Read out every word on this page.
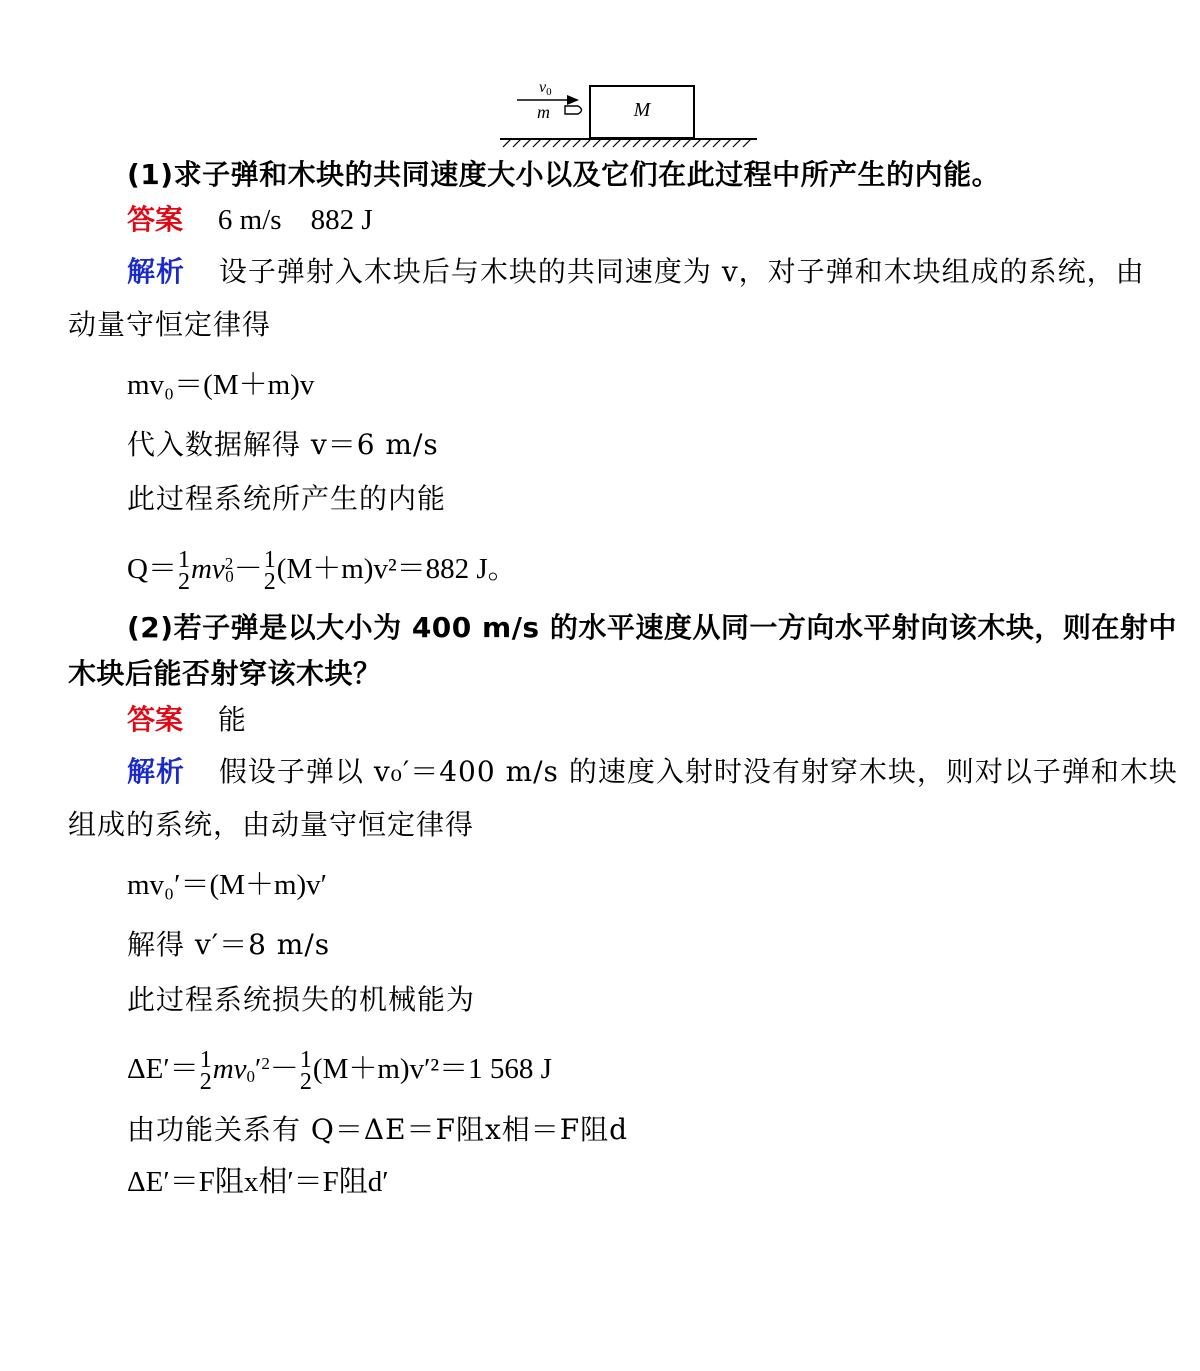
M
v0
m
(1)求子弹和木块的共同速度大小以及它们在此过程中所产生的内能。
答案 6 m/s　882 J
解析 设子弹射入木块后与木块的共同速度为 v，对子弹和木块组成的系统，由
动量守恒定律得
mv₀＝(M＋m)v
代入数据解得 v＝6 m/s
此过程系统所产生的内能
Q＝ 1
2 $mv^2_0- 1$
2 (M＋m)v²＝882 J。
(2)若子弹是以大小为 400 m/s 的水平速度从同一方向水平射向该木块，则在射中
木块后能否射穿该木块？
答案 能
解析 假设子弹以 v₀′＝400 m/s 的速度入射时没有射穿木块，则对以子弹和木块
组成的系统，由动量守恒定律得
mv₀′＝(M＋m)v′
解得 v′＝8 m/s
此过程系统损失的机械能为
ΔE′＝ 1
2 $mv_0'^2- 1$
2 (M＋m)v′²＝1 568 J
由功能关系有 Q＝ΔE＝F阻x相＝F阻d
ΔE′＝F阻x相′＝F阻d′
